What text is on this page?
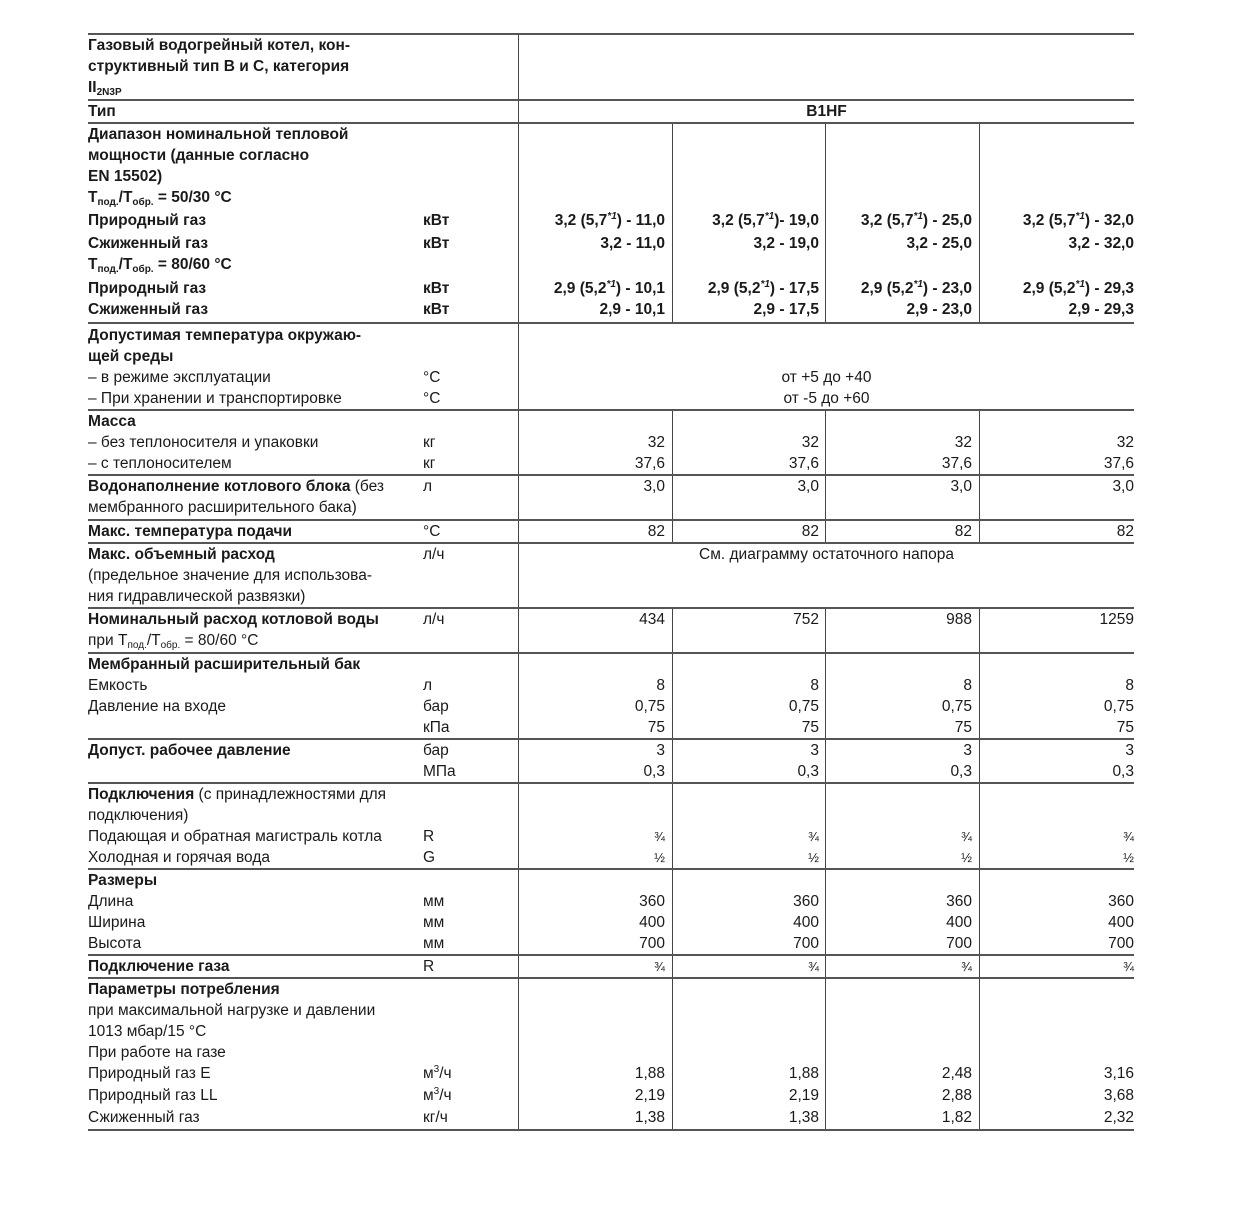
Газовый водогрейный котел, кон-
структивный тип B и C, категория
$II_{2N3P}$
Тип	B1HF
Диапазон номинальной тепловой
мощности (данные согласно
EN 15502)
$T_{под.}/T_{обр.} = 50/30$ °C
Природный газ	кВт	3,2 (5,7$^{*1}$) - 11,0	3,2 (5,7$^{*1}$)- 19,0	3,2 (5,7$^{*1}$) - 25,0	3,2 (5,7$^{*1}$) - 32,0
Сжиженный газ	кВт	3,2 - 11,0	3,2 - 19,0	3,2 - 25,0	3,2 - 32,0
$T_{под.}/T_{обр.} = 80/60$ °C
Природный газ	кВт	2,9 (5,2$^{*1}$) - 10,1	2,9 (5,2$^{*1}$) - 17,5	2,9 (5,2$^{*1}$) - 23,0	2,9 (5,2$^{*1}$) - 29,3
Сжиженный газ	кВт	2,9 - 10,1	2,9 - 17,5	2,9 - 23,0	2,9 - 29,3
Допустимая температура окружаю-
щей среды
– в режиме эксплуатации	°C	от +5 до +40
– При хранении и транспортировке	°C	от -5 до +60
Масса
– без теплоносителя и упаковки	кг	32	32	32	32
– с теплоносителем	кг	37,6	37,6	37,6	37,6
Водонаполнение котлового блока (без	л	3,0	3,0	3,0	3,0
мембранного расширительного бака)
Макс. температура подачи	°C	82	82	82	82
Макс. объемный расход	л/ч	См. диаграмму остаточного напора
(предельное значение для использова-
ния гидравлической развязки)
Номинальный расход котловой воды	л/ч	434	752	988	1259
при $T_{под.}/T_{обр.} = 80/60$ °C
Мембранный расширительный бак
Емкость	л	8	8	8	8
Давление на входе	бар	0,75	0,75	0,75	0,75
кПа	75	75	75	75
Допуст. рабочее давление	бар	3	3	3	3
МПа	0,3	0,3	0,3	0,3
Подключения (с принадлежностями для
подключения)
Подающая и обратная магистраль котла	R	¾	¾	¾	¾
Холодная и горячая вода	G	½	½	½	½
Размеры
Длина	мм	360	360	360	360
Ширина	мм	400	400	400	400
Высота	мм	700	700	700	700
Подключение газа	R	¾	¾	¾	¾
Параметры потребления
при максимальной нагрузке и давлении
1013 мбар/15 °C
При работе на газе
Природный газ E	$м^3/ч$	1,88	1,88	2,48	3,16
Природный газ LL	$м^3/ч$	2,19	2,19	2,88	3,68
Сжиженный газ	кг/ч	1,38	1,38	1,82	2,32
